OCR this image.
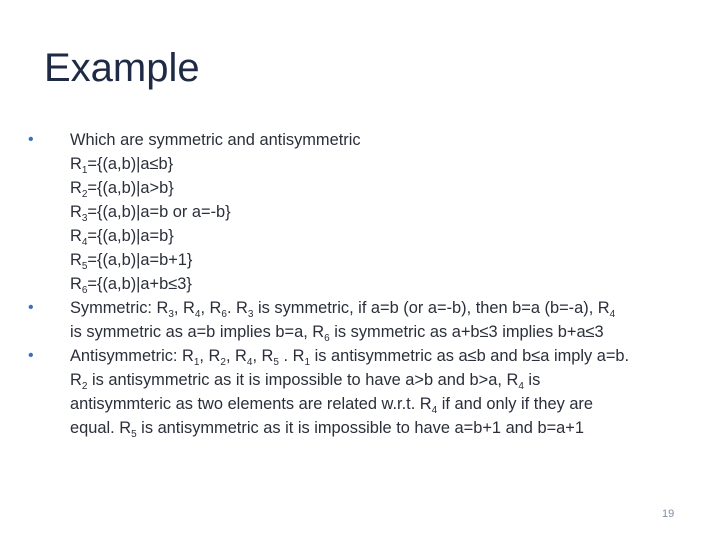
Example
•	Which are symmetric and antisymmetric
$R_1=\{(a,b)|a\le b\}$
$R_2=\{(a,b)|a>b\}$
$R_3=\{(a,b)|a=b$ or a=-b}
$R_4=\{(a,b)|a=b\}$
$R_5=\{(a,b)|a=b+1\}$
$R_6=\{(a,b)|a+b\le 3\}$
•	Symmetric: $R_3$, $R_4$, $R_6$. $R_3$ is symmetric, if a=b (or a=-b), then b=a (b=-a), $R_4$
is symmetric as a=b implies b=a, $R_6$ is symmetric as a+b≤3 implies b+a≤3
•	Antisymmetric: $R_1$, $R_2$, $R_4$, $R_5$ . $R_1$ is antisymmetric as a≤b and b≤a imply a=b.
$R_2$ is antisymmetric as it is impossible to have a>b and b>a, $R_4$ is
antisymmteric as two elements are related w.r.t. $R_4$ if and only if they are
equal. $R_5$ is antisymmetric as it is impossible to have a=b+1 and b=a+1
19
